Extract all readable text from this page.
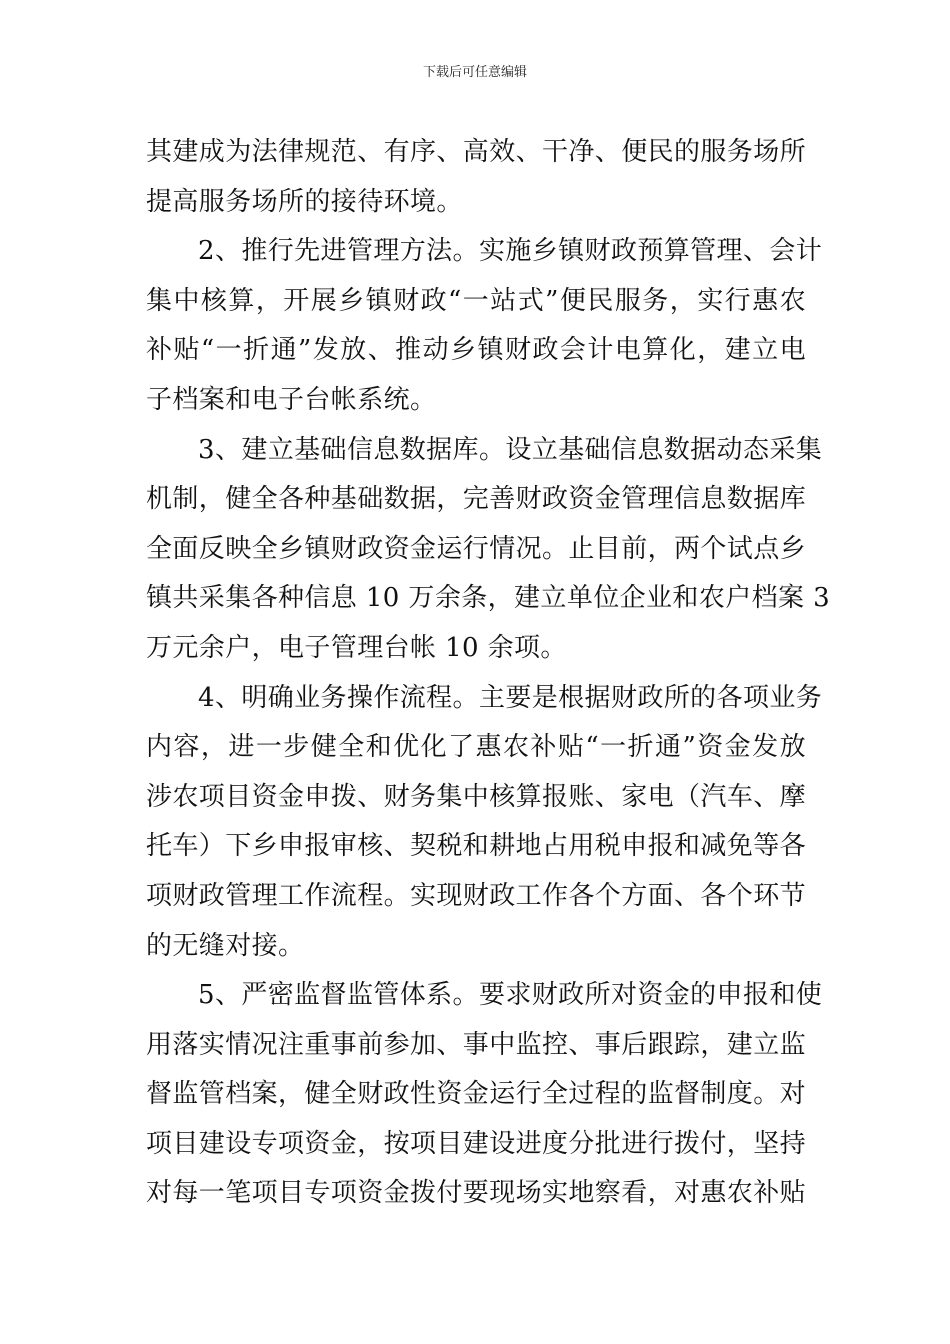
下载后可任意编辑
其建成为法律规范、有序、高效、干净、便民的服务场所
提高服务场所的接待环境。
2、推行先进管理方法。实施乡镇财政预算管理、会计
集中核算，开展乡镇财政“一站式”便民服务，实行惠农
补贴“一折通”发放、推动乡镇财政会计电算化，建立电
子档案和电子台帐系统。
3、建立基础信息数据库。设立基础信息数据动态采集
机制，健全各种基础数据，完善财政资金管理信息数据库
全面反映全乡镇财政资金运行情况。止目前，两个试点乡
镇共采集各种信息 10 万余条，建立单位企业和农户档案 3
万元余户，电子管理台帐 10 余项。
4、明确业务操作流程。主要是根据财政所的各项业务
内容，进一步健全和优化了惠农补贴“一折通”资金发放
涉农项目资金申拨、财务集中核算报账、家电（汽车、摩
托车）下乡申报审核、契税和耕地占用税申报和减免等各
项财政管理工作流程。实现财政工作各个方面、各个环节
的无缝对接。
5、严密监督监管体系。要求财政所对资金的申报和使
用落实情况注重事前参加、事中监控、事后跟踪，建立监
督监管档案，健全财政性资金运行全过程的监督制度。对
项目建设专项资金，按项目建设进度分批进行拨付，坚持
对每一笔项目专项资金拨付要现场实地察看，对惠农补贴
